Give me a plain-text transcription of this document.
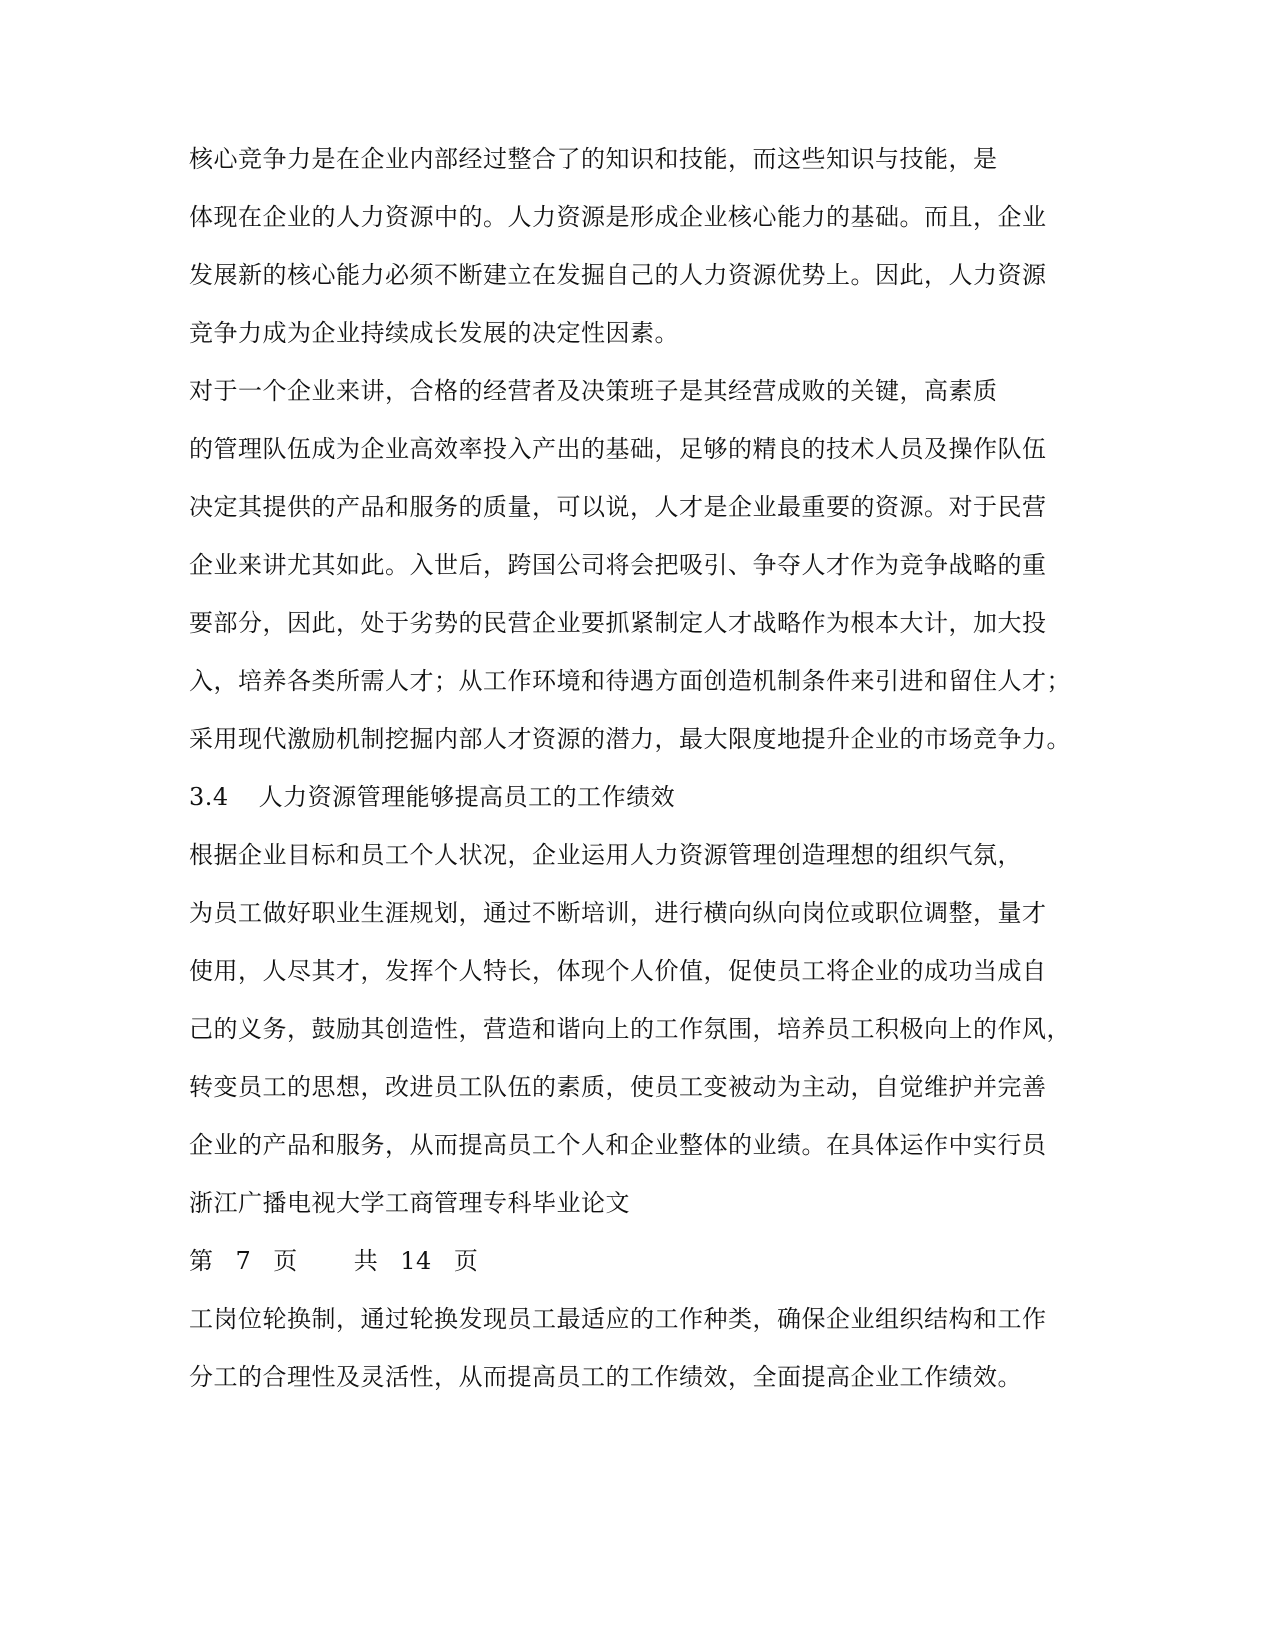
核心竞争力是在企业内部经过整合了的知识和技能，而这些知识与技能，是

体现在企业的人力资源中的。人力资源是形成企业核心能力的基础。而且，企业

发展新的核心能力必须不断建立在发掘自己的人力资源优势上。因此，人力资源

竞争力成为企业持续成长发展的决定性因素。

对于一个企业来讲，合格的经营者及决策班子是其经营成败的关键，高素质

的管理队伍成为企业高效率投入产出的基础，足够的精良的技术人员及操作队伍

决定其提供的产品和服务的质量，可以说，人才是企业最重要的资源。对于民营

企业来讲尤其如此。入世后，跨国公司将会把吸引、争夺人才作为竞争战略的重

要部分，因此，处于劣势的民营企业要抓紧制定人才战略作为根本大计，加大投

入，培养各类所需人才；从工作环境和待遇方面创造机制条件来引进和留住人才；

采用现代激励机制挖掘内部人才资源的潜力，最大限度地提升企业的市场竞争力。

3.4 人力资源管理能够提高员工的工作绩效

根据企业目标和员工个人状况，企业运用人力资源管理创造理想的组织气氛，

为员工做好职业生涯规划，通过不断培训，进行横向纵向岗位或职位调整，量才

使用，人尽其才，发挥个人特长，体现个人价值，促使员工将企业的成功当成自

己的义务，鼓励其创造性，营造和谐向上的工作氛围，培养员工积极向上的作风，

转变员工的思想，改进员工队伍的素质，使员工变被动为主动，自觉维护并完善

企业的产品和服务，从而提高员工个人和企业整体的业绩。在具体运作中实行员

浙江广播电视大学工商管理专科毕业论文

第 7 页 共 14 页

工岗位轮换制，通过轮换发现员工最适应的工作种类，确保企业组织结构和工作

分工的合理性及灵活性，从而提高员工的工作绩效，全面提高企业工作绩效。
